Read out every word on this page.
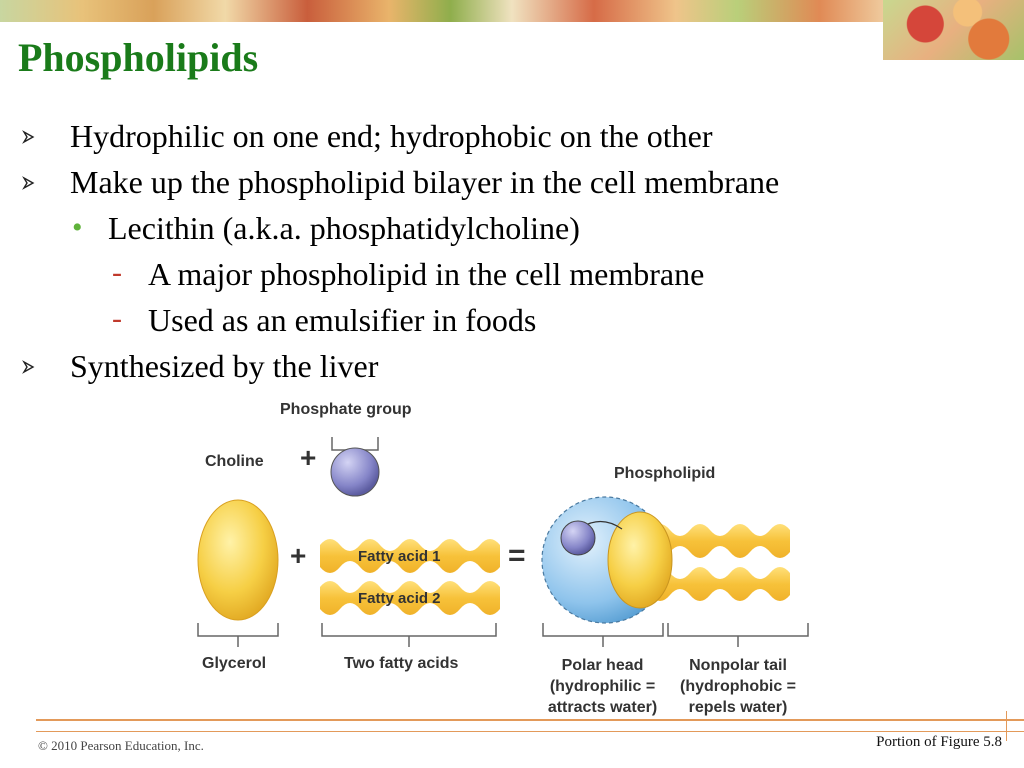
Phospholipids
Hydrophilic on one end; hydrophobic on the other
Make up the phospholipid bilayer in the cell membrane
• Lecithin (a.k.a. phosphatidylcholine)
- A major phospholipid in the cell membrane
- Used as an emulsifier in foods
Synthesized by the liver
+
+	=
Phosphate group
Choline
Phospholipid
Fatty acid 1
Fatty acid 2
Glycerol	Two fatty acids	Polar head
(hydrophilic =
attracts water)
Nonpolar tail
(hydrophobic =
repels water)
© 2010 Pearson Education, Inc.	Portion of Figure 5.8
